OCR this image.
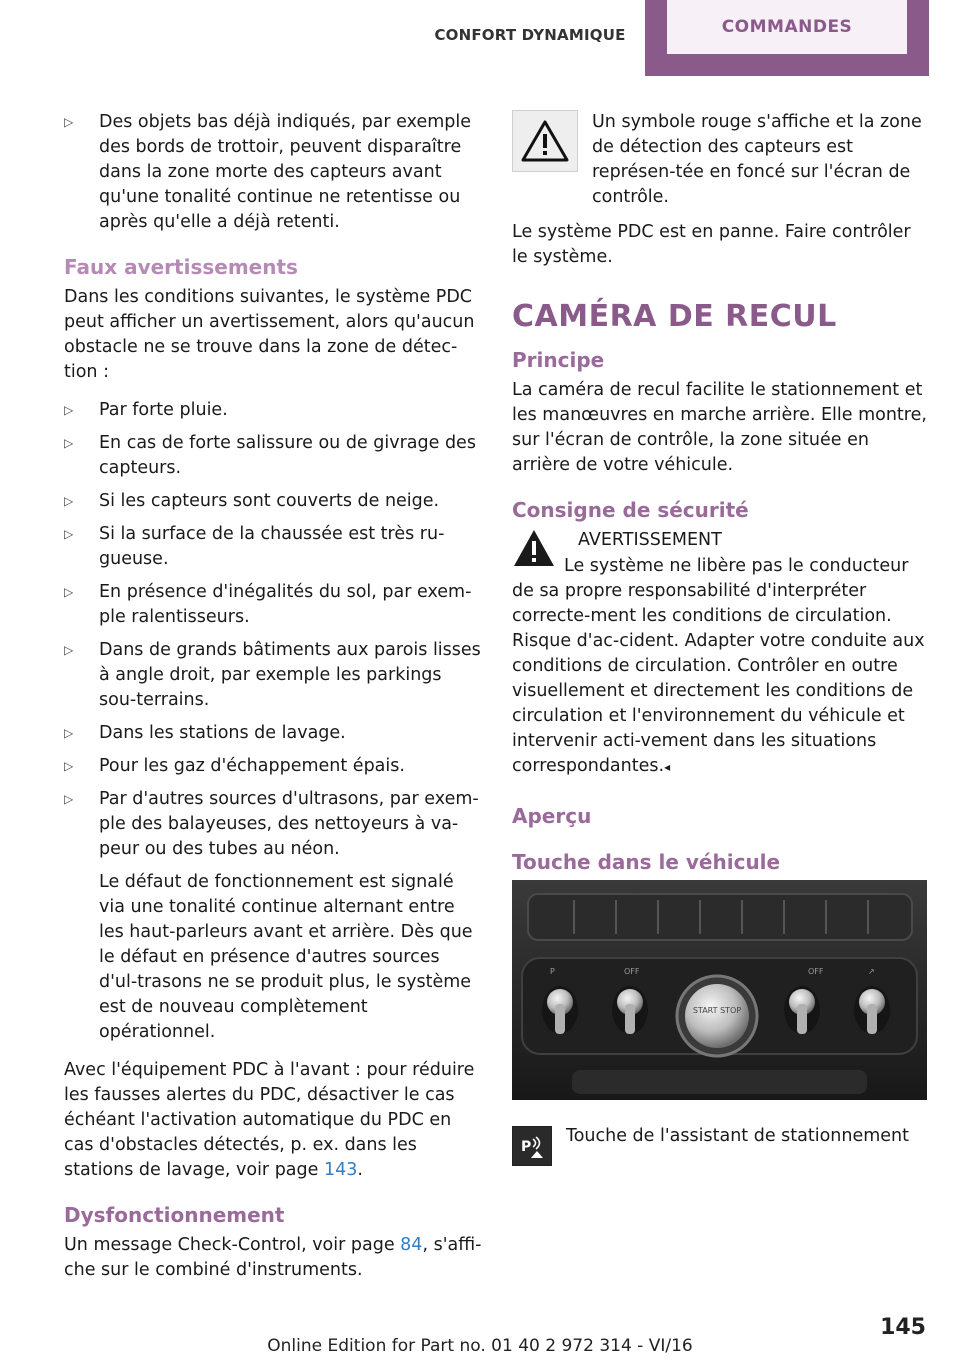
CONFORT DYNAMIQUE	COMMANDES
▷	Des objets bas déjà indiqués, par exemple des bords de trottoir, peuvent disparaître dans la zone morte des capteurs avant qu'une tonalité continue ne retentisse ou après qu'elle a déjà retenti.
Faux avertissements

Dans les conditions suivantes, le système PDC peut afficher un avertissement, alors qu'aucun obstacle ne se trouve dans la zone de détec-tion :

▷	Par forte pluie.
▷	En cas de forte salissure ou de givrage des capteurs.
▷	Si les capteurs sont couverts de neige.
▷	Si la surface de la chaussée est très ru-gueuse.
▷	En présence d'inégalités du sol, par exem-ple ralentisseurs.
▷	Dans de grands bâtiments aux parois lisses à angle droit, par exemple les parkings sou-terrains.
▷	Dans les stations de lavage.
▷	Pour les gaz d'échappement épais.
▷	Par d'autres sources d'ultrasons, par exem-ple des balayeuses, des nettoyeurs à va-peur ou des tubes au néon.

Le défaut de fonctionnement est signalé via une tonalité continue alternant entre les haut-parleurs avant et arrière. Dès que le défaut en présence d'autres sources d'ul-trasons ne se produit plus, le système est de nouveau complètement opérationnel.

Avec l'équipement PDC à l'avant : pour réduire les fausses alertes du PDC, désactiver le cas échéant l'activation automatique du PDC en cas d'obstacles détectés, p. ex. dans les stations de lavage, voir page 143.

Dysfonctionnement

Un message Check-Control, voir page 84, s'affi-che sur le combiné d'instruments.

Un symbole rouge s'affiche et la zone de détection des capteurs est représen-tée en foncé sur l'écran de contrôle.

Le système PDC est en panne. Faire contrôler le système.

CAMÉRA DE RECUL
Principe

La caméra de recul facilite le stationnement et les manœuvres en marche arrière. Elle montre, sur l'écran de contrôle, la zone située en arrière de votre véhicule.

Consigne de sécurité
AVERTISSEMENT

Le système ne libère pas le conducteur de sa propre responsabilité d'interpréter correcte-ment les conditions de circulation. Risque d'ac-cident. Adapter votre conduite aux conditions de circulation. Contrôler en outre visuellement et directement les conditions de circulation et l'environnement du véhicule et intervenir acti-vement dans les situations correspondantes.◂

Aperçu
Touche dans le véhicule
P	OFF	OFF	↗
START STOP
P
Touche de l'assistant de stationnement
145
Online Edition for Part no. 01 40 2 972 314 - VI/16
